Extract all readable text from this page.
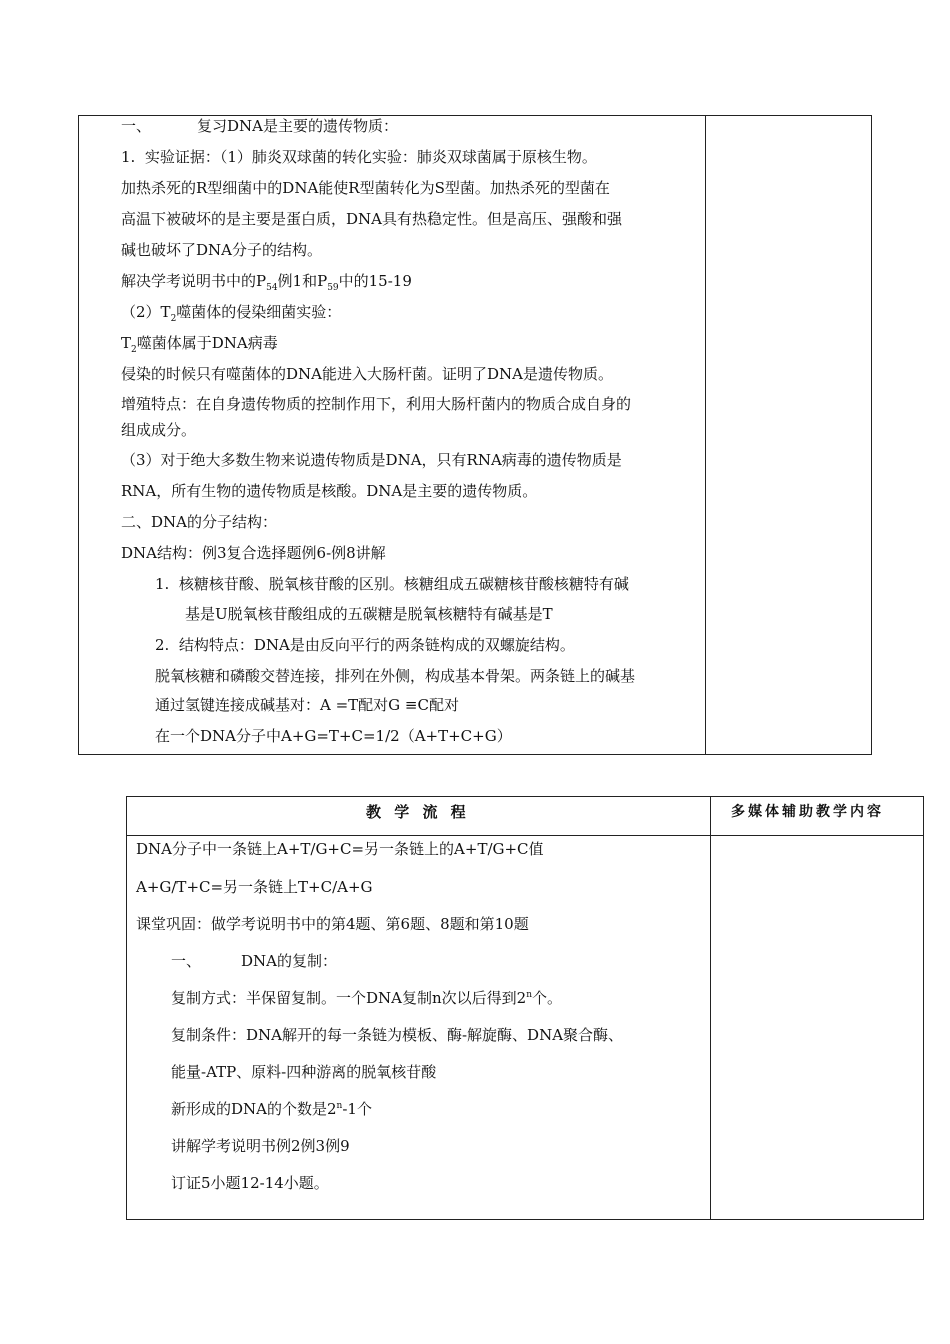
一、	复习DNA是主要的遗传物质：
1. 实验证据：（1）肺炎双球菌的转化实验：肺炎双球菌属于原核生物。
加热杀死的R型细菌中的DNA能使R型菌转化为S型菌。加热杀死的型菌在
高温下被破坏的是主要是蛋白质，DNA具有热稳定性。但是高压、强酸和强
碱也破坏了DNA分子的结构。
解决学考说明书中的$P_{54}$例1和$P_{59}$中的15-19
$(2)T_2$噬菌体的侵染细菌实验：
$T_2$噬菌体属于DNA病毒
侵染的时候只有噬菌体的DNA能进入大肠杆菌。证明了DNA是遗传物质。
增殖特点：在自身遗传物质的控制作用下，利用大肠杆菌内的物质合成自身的
组成成分。
（3）对于绝大多数生物来说遗传物质是DNA，只有RNA病毒的遗传物质是
RNA，所有生物的遗传物质是核酸。DNA是主要的遗传物质。
二、DNA的分子结构：
DNA结构：例3复合选择题例6-例8讲解
1. 核糖核苷酸、脱氧核苷酸的区别。核糖组成五碳糖核苷酸核糖特有碱
基是U脱氧核苷酸组成的五碳糖是脱氧核糖特有碱基是T
2. 结构特点：DNA是由反向平行的两条链构成的双螺旋结构。
脱氧核糖和磷酸交替连接，排列在外侧，构成基本骨架。两条链上的碱基
通过氢键连接成碱基对：A =T配对G ≡C配对
在一个DNA分子中A+G=T+C=1/2（A+T+C+G）
教 学 流 程	多媒体辅助教学内容
DNA分子中一条链上A+T/G+C=另一条链上的A+T/G+C值
A+G/T+C=另一条链上T+C/A+G
课堂巩固：做学考说明书中的第4题、第6题、8题和第10题
一、	DNA的复制：
复制方式：半保留复制。一个DNA复制n次以后得到2$^n$个。
复制条件：DNA解开的每一条链为模板、酶-解旋酶、DNA聚合酶、
能量-ATP、原料-四种游离的脱氧核苷酸
新形成的DNA的个数是2$^n$-1个
讲解学考说明书例2例3例9
订证5小题12-14小题。
